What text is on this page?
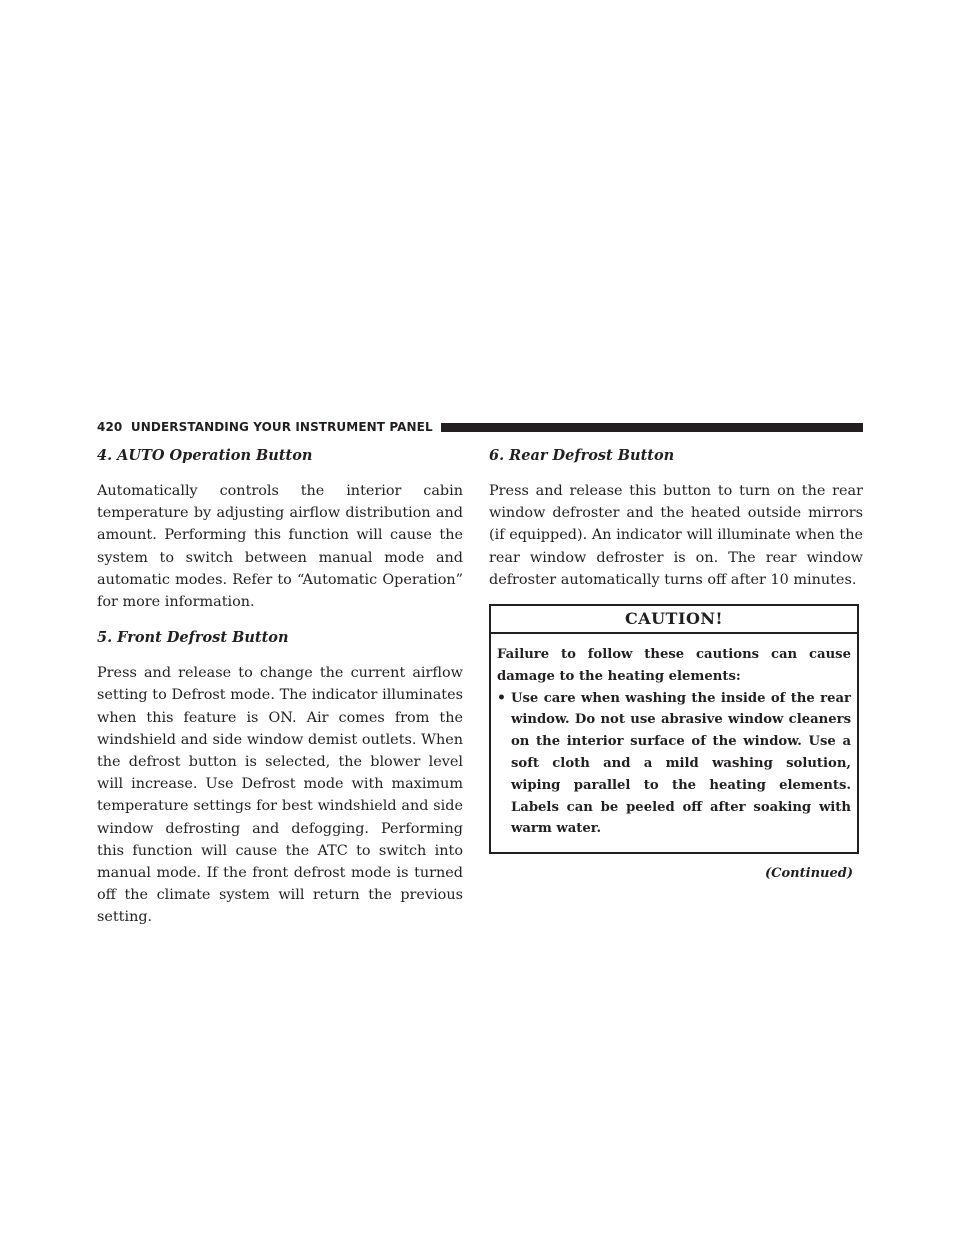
420 UNDERSTANDING YOUR INSTRUMENT PANEL
4. AUTO Operation Button

Automatically controls the interior cabin temperature by adjusting airflow distribution and amount. Performing this function will cause the system to switch between manual mode and automatic modes. Refer to “Automatic Operation” for more information.

5. Front Defrost Button

Press and release to change the current airflow setting to Defrost mode. The indicator illuminates when this feature is ON. Air comes from the windshield and side window demist outlets. When the defrost button is selected, the blower level will increase. Use Defrost mode with maximum temperature settings for best windshield and side window defrosting and defogging. Performing this function will cause the ATC to switch into manual mode. If the front defrost mode is turned off the climate system will return the previous setting.

6. Rear Defrost Button

Press and release this button to turn on the rear window defroster and the heated outside mirrors (if equipped). An indicator will illuminate when the rear window defroster is on. The rear window defroster automatically turns off after 10 minutes.

CAUTION!

Failure to follow these cautions can cause damage to the heating elements:

• Use care when washing the inside of the rear window. Do not use abrasive window cleaners on the interior surface of the window. Use a soft cloth and a mild washing solution, wiping parallel to the heating elements. Labels can be peeled off after soaking with warm water.
(Continued)
